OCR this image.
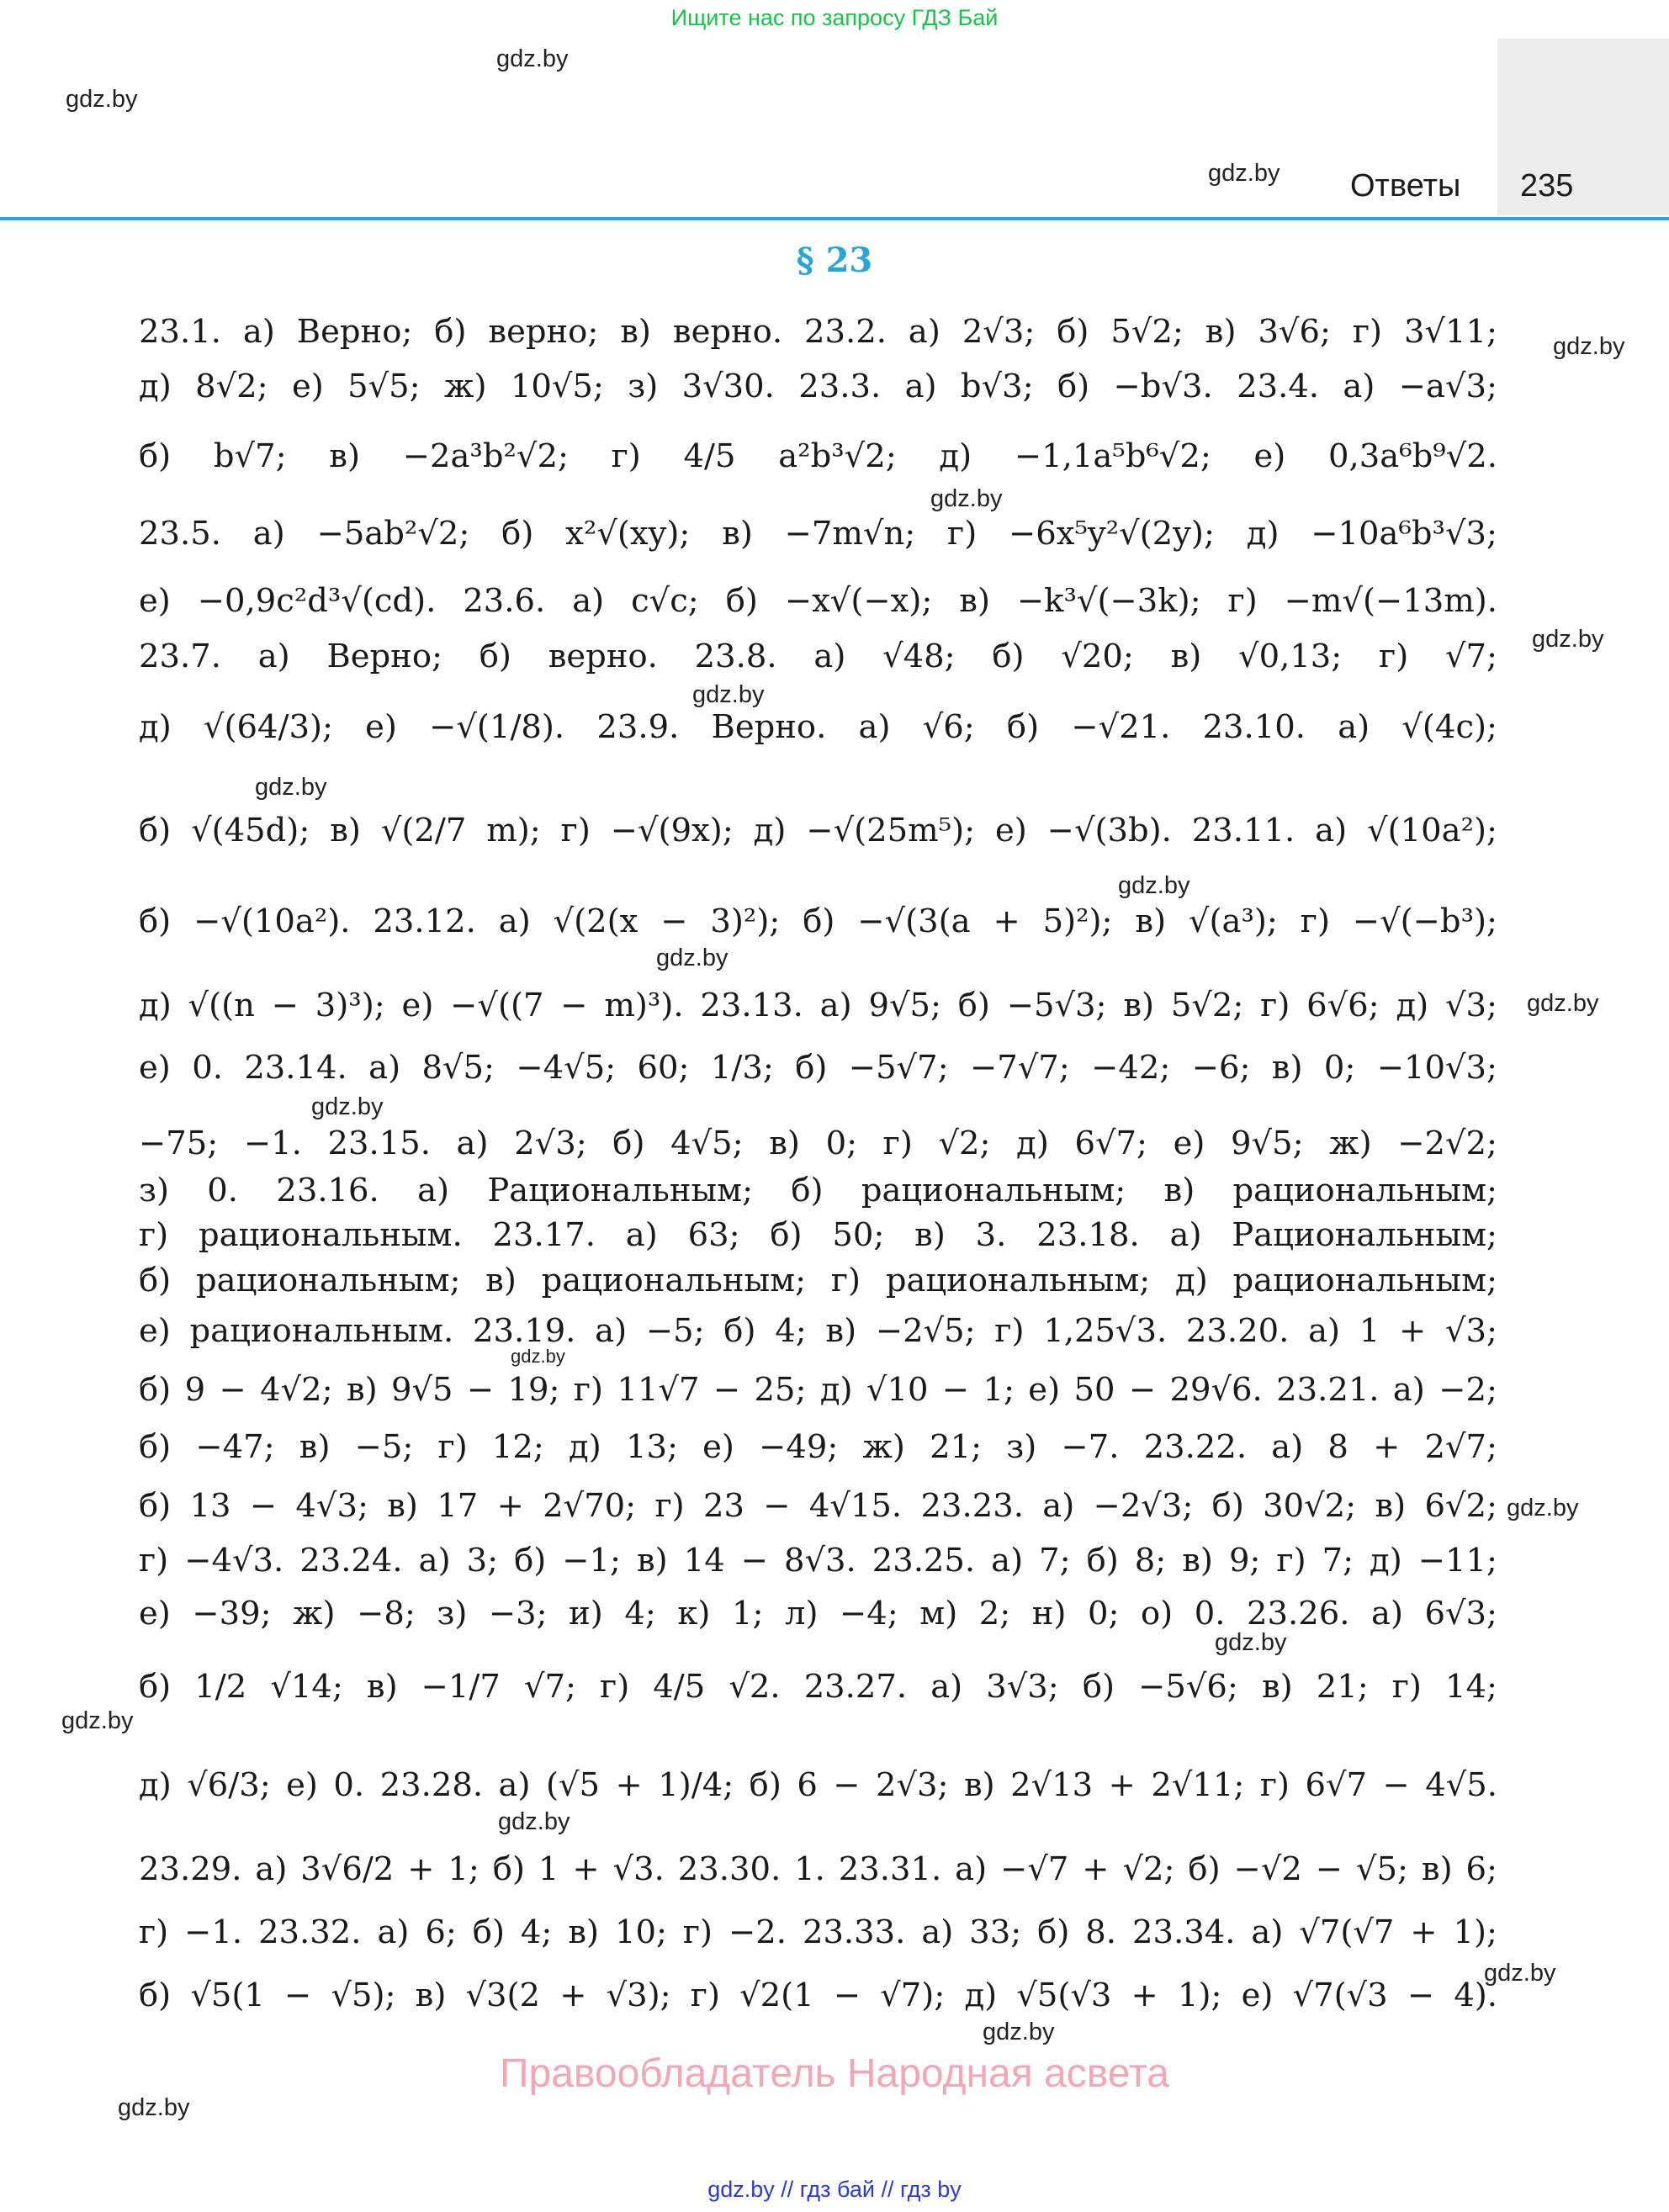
Ищите нас по запросу ГДЗ Бай
Ответы 235
§ 23
23.1. а) Верно; б) верно; в) верно. 23.2. а) 2√3; б) 5√2; в) 3√6; г) 3√11;
д) 8√2; е) 5√5; ж) 10√5; з) 3√30. 23.3. а) b√3; б) −b√3. 23.4. а) −a√3;
б) b√7; в) −2a³b²√2; г) 4/5 a²b³√2; д) −1,1a⁵b⁶√2; е) 0,3a⁶b⁹√2.
23.5. а) −5ab²√2; б) x²√(xy); в) −7m√n; г) −6x⁵y²√(2y); д) −10a⁶b³√3;
е) −0,9c²d³√(cd). 23.6. а) c√c; б) −x√(−x); в) −k³√(−3k); г) −m√(−13m).
23.7. а) Верно; б) верно. 23.8. а) √48; б) √20; в) √0,13; г) √7;
д) √(64/3); е) −√(1/8). 23.9. Верно. а) √6; б) −√21. 23.10. а) √(4c);
б) √(45d); в) √(2/7 m); г) −√(9x); д) −√(25m⁵); е) −√(3b). 23.11. а) √(10a²);
б) −√(10a²). 23.12. а) √(2(x − 3)²); б) −√(3(a + 5)²); в) √(a³); г) −√(−b³);
д) √((n − 3)³); е) −√((7 − m)³). 23.13. а) 9√5; б) −5√3; в) 5√2; г) 6√6; д) √3;
е) 0. 23.14. а) 8√5; −4√5; 60; 1/3; б) −5√7; −7√7; −42; −6; в) 0; −10√3;
−75; −1. 23.15. а) 2√3; б) 4√5; в) 0; г) √2; д) 6√7; е) 9√5; ж) −2√2;
з) 0. 23.16. а) Рациональным; б) рациональным; в) рациональным;
г) рациональным. 23.17. а) 63; б) 50; в) 3. 23.18. а) Рациональным;
б) рациональным; в) рациональным; г) рациональным; д) рациональным;
е) рациональным. 23.19. а) −5; б) 4; в) −2√5; г) 1,25√3. 23.20. а) 1 + √3;
б) 9 − 4√2; в) 9√5 − 19; г) 11√7 − 25; д) √10 − 1; е) 50 − 29√6. 23.21. а) −2;
б) −47; в) −5; г) 12; д) 13; е) −49; ж) 21; з) −7. 23.22. а) 8 + 2√7;
б) 13 − 4√3; в) 17 + 2√70; г) 23 − 4√15. 23.23. а) −2√3; б) 30√2; в) 6√2;
г) −4√3. 23.24. а) 3; б) −1; в) 14 − 8√3. 23.25. а) 7; б) 8; в) 9; г) 7; д) −11;
е) −39; ж) −8; з) −3; и) 4; к) 1; л) −4; м) 2; н) 0; о) 0. 23.26. а) 6√3;
б) 1/2 √14; в) −1/7 √7; г) 4/5 √2. 23.27. а) 3√3; б) −5√6; в) 21; г) 14;
д) √6/3; е) 0. 23.28. а) (√5 + 1)/4; б) 6 − 2√3; в) 2√13 + 2√11; г) 6√7 − 4√5.
23.29. а) 3√6/2 + 1; б) 1 + √3. 23.30. 1. 23.31. а) −√7 + √2; б) −√2 − √5; в) 6;
г) −1. 23.32. а) 6; б) 4; в) 10; г) −2. 23.33. а) 33; б) 8. 23.34. а) √7(√7 + 1);
б) √5(1 − √5); в) √3(2 + √3); г) √2(1 − √7); д) √5(√3 + 1); е) √7(√3 − 4).
gdz.by
gdz.by
gdz.by
gdz.by
gdz.by
gdz.by
gdz.by
gdz.by
gdz.by
gdz.by
gdz.by
gdz.by
gdz.by
gdz.by
gdz.by
gdz.by
gdz.by
gdz.by
gdz.by
gdz.by
Правообладатель Народная асвета
gdz.by // гдз бай // гдз by
